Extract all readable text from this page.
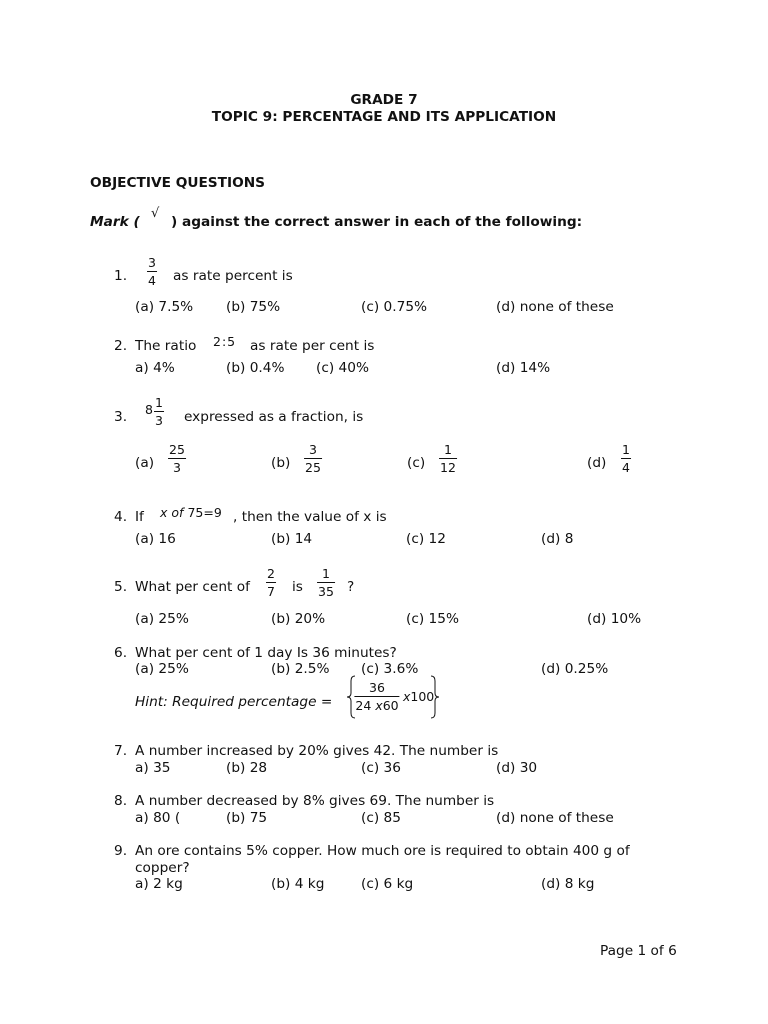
GRADE 7
TOPIC 9: PERCENTAGE AND ITS APPLICATION
OBJECTIVE QUESTIONS
Mark (
√
) against the correct answer in each of the following:
1. $\frac{3}{4}$ as rate percent is
(a) 7.5% (b) 75%	(c) 0.75%	(d) none of these
2. The ratio 2:5 as rate per cent is
a) 4%	(b) 0.4% (c) 40%	(d) 14%
3. $8 \frac{1}{3}$ expressed as a fraction, is
$(a) \frac{25}{3}$	$(b) \frac{3}{25}$	$(c) \frac{1}{12}$	$(d) \frac{1}{4}$
4. If x of 75=9 , then the value of x is
(a) 16	(b) 14	(c) 12	(d) 8
5. What per cent of $\frac{2}{7}$ is $\frac{1}{35}$ ?
(a) 25%	(b) 20%	(c) 15%	(d) 10%
6. What per cent of 1 day Is 36 minutes?
(a) 25%	(b) 2.5% (c) 3.6%	(d) 0.25%
Hint: Required percentage = $\frac{36}{24 x60} x100$
7. A number increased by 20% gives 42. The number is
a) 35	(b) 28	(c) 36	(d) 30
8. A number decreased by 8% gives 69. The number is
a) 80 (	(b) 75	(c) 85	(d) none of these
9. An ore contains 5% copper. How much ore is required to obtain 400 g of
copper?
a) 2 kg	(b) 4 kg	(c) 6 kg	(d) 8 kg
Page 1 of 6
